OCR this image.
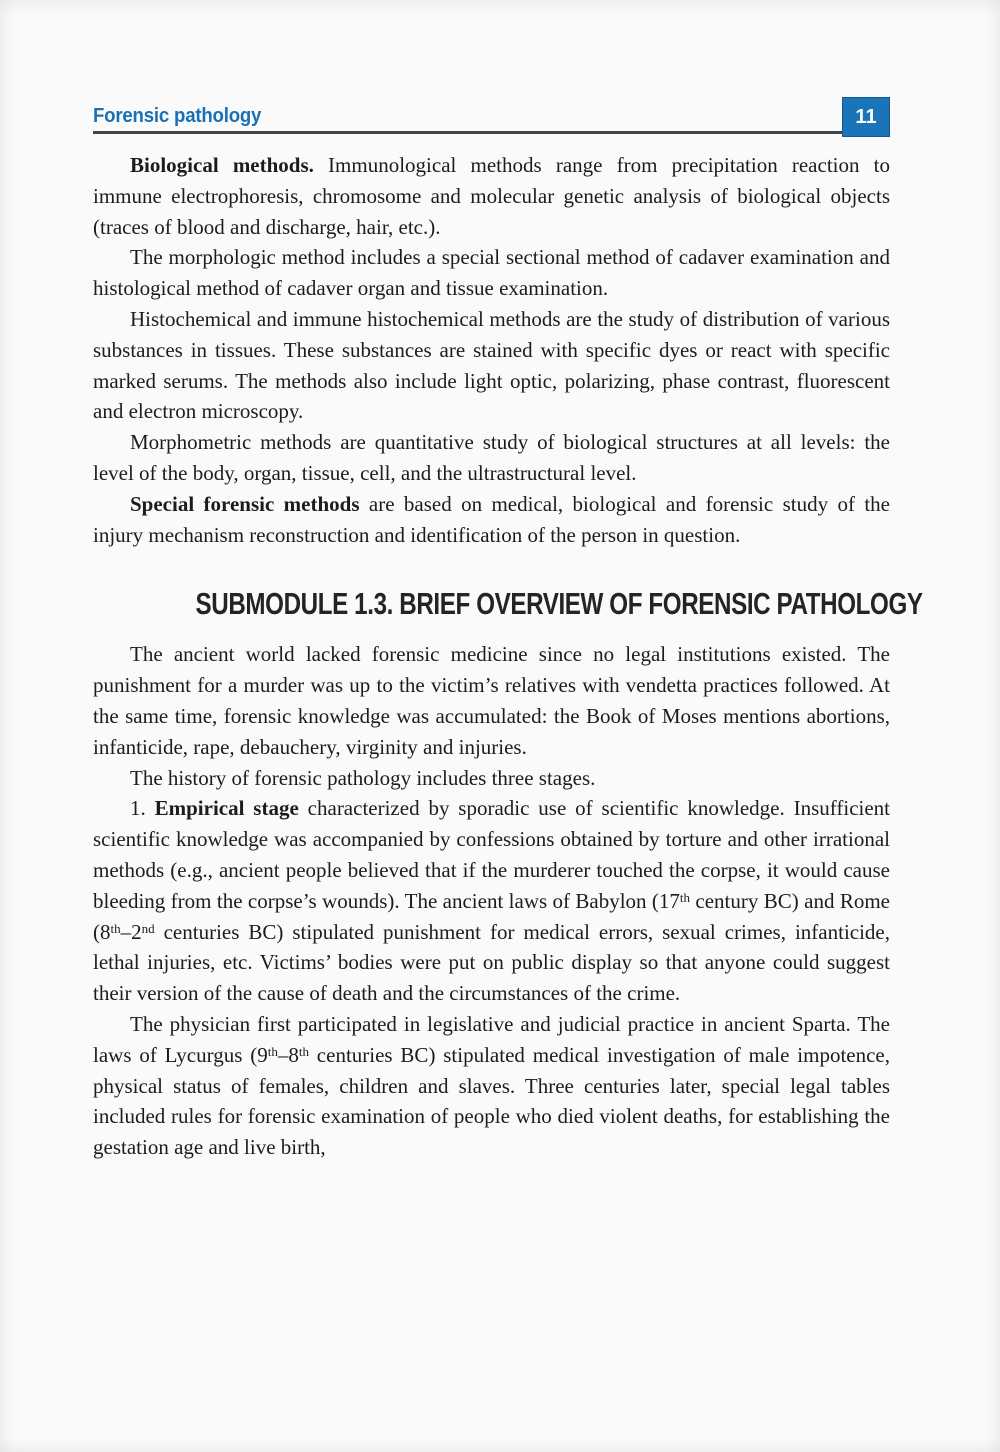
Forensic pathology	11

Biological methods. Immunological methods range from precipitation reaction to immune electrophoresis, chromosome and molecular genetic analysis of biological objects (traces of blood and discharge, hair, etc.).

The morphologic method includes a special sectional method of cadaver examination and histological method of cadaver organ and tissue examination.

Histochemical and immune histochemical methods are the study of distribution of various substances in tissues. These substances are stained with specific dyes or react with specific marked serums. The methods also include light optic, polarizing, phase contrast, fluorescent and electron microscopy.

Morphometric methods are quantitative study of biological structures at all levels: the level of the body, organ, tissue, cell, and the ultrastructural level.

Special forensic methods are based on medical, biological and forensic study of the injury mechanism reconstruction and identification of the person in question.

SUBMODULE 1.3. BRIEF OVERVIEW OF FORENSIC PATHOLOGY

The ancient world lacked forensic medicine since no legal institutions existed. The punishment for a murder was up to the victim’s relatives with vendetta practices followed. At the same time, forensic knowledge was accumulated: the Book of Moses mentions abortions, infanticide, rape, debauchery, virginity and injuries.

The history of forensic pathology includes three stages.

1. Empirical stage characterized by sporadic use of scientific knowledge. Insufficient scientific knowledge was accompanied by confessions obtained by torture and other irrational methods (e.g., ancient people believed that if the murderer touched the corpse, it would cause bleeding from the corpse’s wounds). The ancient laws of Babylon (17th century BC) and Rome (8th–2nd centuries BC) stipulated punishment for medical errors, sexual crimes, infanticide, lethal injuries, etc. Victims’ bodies were put on public display so that anyone could suggest their version of the cause of death and the circumstances of the crime.

The physician first participated in legislative and judicial practice in ancient Sparta. The laws of Lycurgus (9th–8th centuries BC) stipulated medical investigation of male impotence, physical status of females, children and slaves. Three centuries later, special legal tables included rules for forensic examination of people who died violent deaths, for establishing the gestation age and live birth,
